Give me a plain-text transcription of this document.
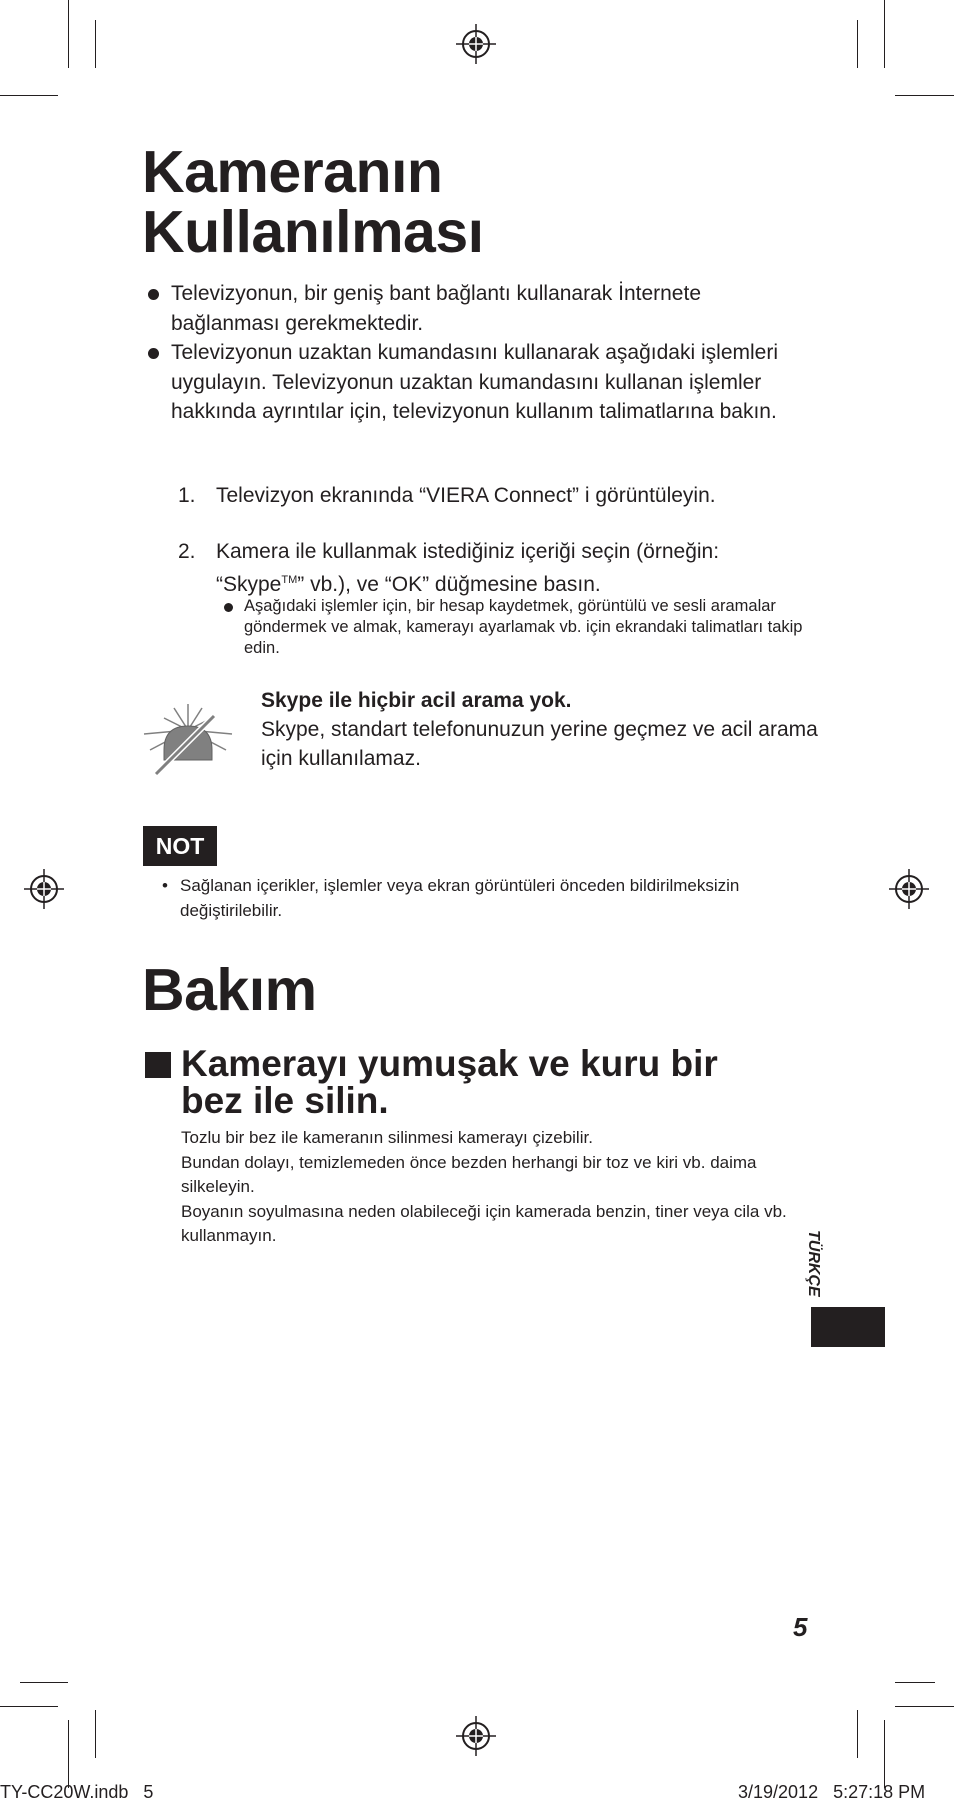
Kameranın
Kullanılması
Televizyonun, bir geniş bant bağlantı kullanarak İnternete bağlanması gerekmektedir.
Televizyonun uzaktan kumandasını kullanarak aşağıdaki işlemleri uygulayın. Televizyonun uzaktan kumandasını kullanan işlemler hakkında ayrıntılar için, televizyonun kullanım talimatlarına bakın.
1. Televizyon ekranında “VIERA Connect” i görüntüleyin.
2. Kamera ile kullanmak istediğiniz içeriği seçin (örneğin:
“Skype™” vb.), ve “OK” düğmesine basın.
Aşağıdaki işlemler için, bir hesap kaydetmek, görüntülü ve sesli aramalar göndermek ve almak, kamerayı ayarlamak vb. için ekrandaki talimatları takip edin.
Skype ile hiçbir acil arama yok.
Skype, standart telefonunuzun yerine geçmez ve acil arama için kullanılamaz.
NOT
• Sağlanan içerikler, işlemler veya ekran görüntüleri önceden bildirilmeksizin değiştirilebilir.
Bakım
Kamerayı yumuşak ve kuru bir
bez ile silin.
Tozlu bir bez ile kameranın silinmesi kamerayı çizebilir.
Bundan dolayı, temizlemeden önce bezden herhangi bir toz ve kiri vb. daima silkeleyin.
Boyanın soyulmasına neden olabileceği için kamerada benzin, tiner veya cila vb. kullanmayın.	TÜRKÇE
5
TY-CC20W.indb   5	3/19/2012   5:27:18 PM
